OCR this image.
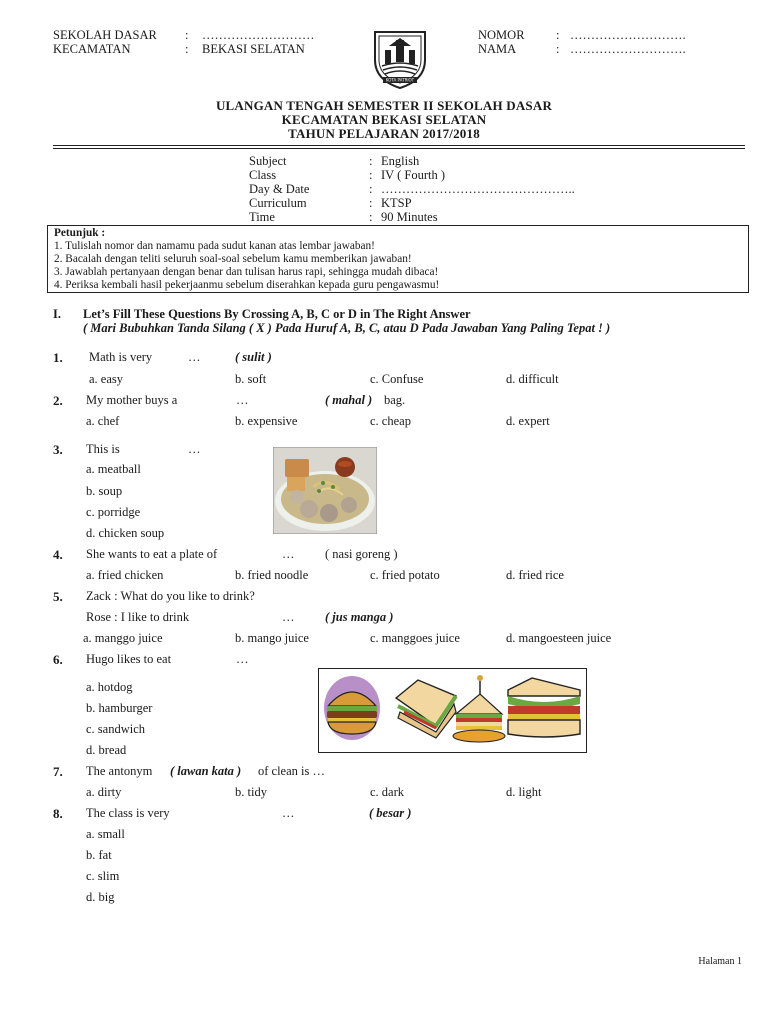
SEKOLAH DASAR : ………………………
KECAMATAN	: BEKASI SELATAN
NOMOR	: ……………………….
NAMA	: ……………………….
KOTA PATRIOT
ULANGAN TENGAH SEMESTER II SEKOLAH DASAR
KECAMATAN BEKASI SELATAN
TAHUN PELAJARAN 2017/2018
Subject	: English
Class	: IV ( Fourth )
Day & Date	: ………………………………………..
Curriculum	: KTSP
Time	: 90 Minutes
Petunjuk :
1. Tulislah nomor dan namamu pada sudut kanan atas lembar jawaban!
2. Bacalah dengan teliti seluruh soal-soal sebelum kamu memberikan jawaban!
3. Jawablah pertanyaan dengan benar dan tulisan harus rapi, sehingga mudah dibaca!
4. Periksa kembali hasil pekerjaanmu sebelum diserahkan kepada guru pengawasmu!
I. Let’s Fill These Questions By Crossing A, B, C or D in The Right Answer
( Mari Bubuhkan Tanda Silang ( X ) Pada Huruf A, B, C, atau D Pada Jawaban Yang Paling Tepat ! )
1. Math is very	…	( sulit )
a. easy	b. soft	c. Confuse	d. difficult
2. My mother buys a	…	( mahal ) bag.
a. chef	b. expensive	c. cheap	d. expert
3. This is	…
a. meatball
b. soup
c. porridge
d. chicken soup
4. She wants to eat a plate of	… ( nasi goreng )
a. fried chicken	b. fried noodle	c. fried potato	d. fried rice
5. Zack : What do you like to drink?
Rose : I like to drink	… ( jus manga )
a. manggo juice	b. mango juice	c. manggoes juice	d. mangoesteen juice
6. Hugo likes to eat	…
a. hotdog
b. hamburger
c. sandwich
d. bread
7. The antonym ( lawan kata ) of clean is …
a. dirty	b. tidy	c. dark	d. light
8. The class is very	…	( besar )
a. small
b. fat
c. slim
d. big
Halaman 1
